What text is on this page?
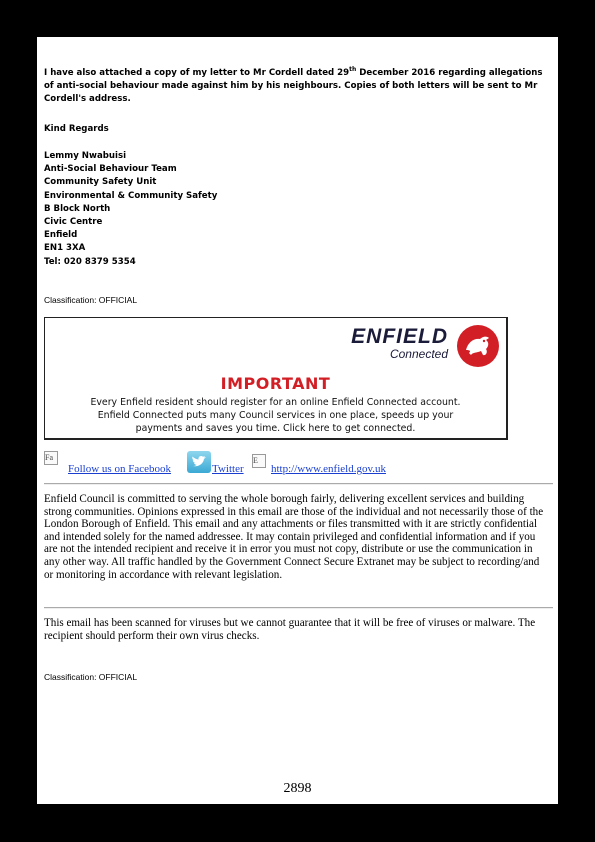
I have also attached a copy of my letter to Mr Cordell dated 29th December 2016 regarding allegations of anti-social behaviour made against him by his neighbours. Copies of both letters will be sent to Mr Cordell's address.
Kind Regards
Lemmy Nwabuisi
Anti-Social Behaviour Team
Community Safety Unit
Environmental & Community Safety
B Block North
Civic Centre
Enfield
EN1 3XA
Tel: 020 8379 5354
Classification: OFFICIAL
ENFIELD
Connected
IMPORTANT
Every Enfield resident should register for an online Enfield Connected account.
Enfield Connected puts many Council services in one place, speeds up your
payments and saves you time. Click here to get connected.
Fa
Follow us on Facebook	Twitter
E
http://www.enfield.gov.uk
Enfield Council is committed to serving the whole borough fairly, delivering excellent services and building strong communities. Opinions expressed in this email are those of the individual and not necessarily those of the London Borough of Enfield. This email and any attachments or files transmitted with it are strictly confidential and intended solely for the named addressee. It may contain privileged and confidential information and if you are not the intended recipient and receive it in error you must not copy, distribute or use the communication in any other way. All traffic handled by the Government Connect Secure Extranet may be subject to recording/and or monitoring in accordance with relevant legislation.
This email has been scanned for viruses but we cannot guarantee that it will be free of viruses or malware. The recipient should perform their own virus checks.
Classification: OFFICIAL
2898
